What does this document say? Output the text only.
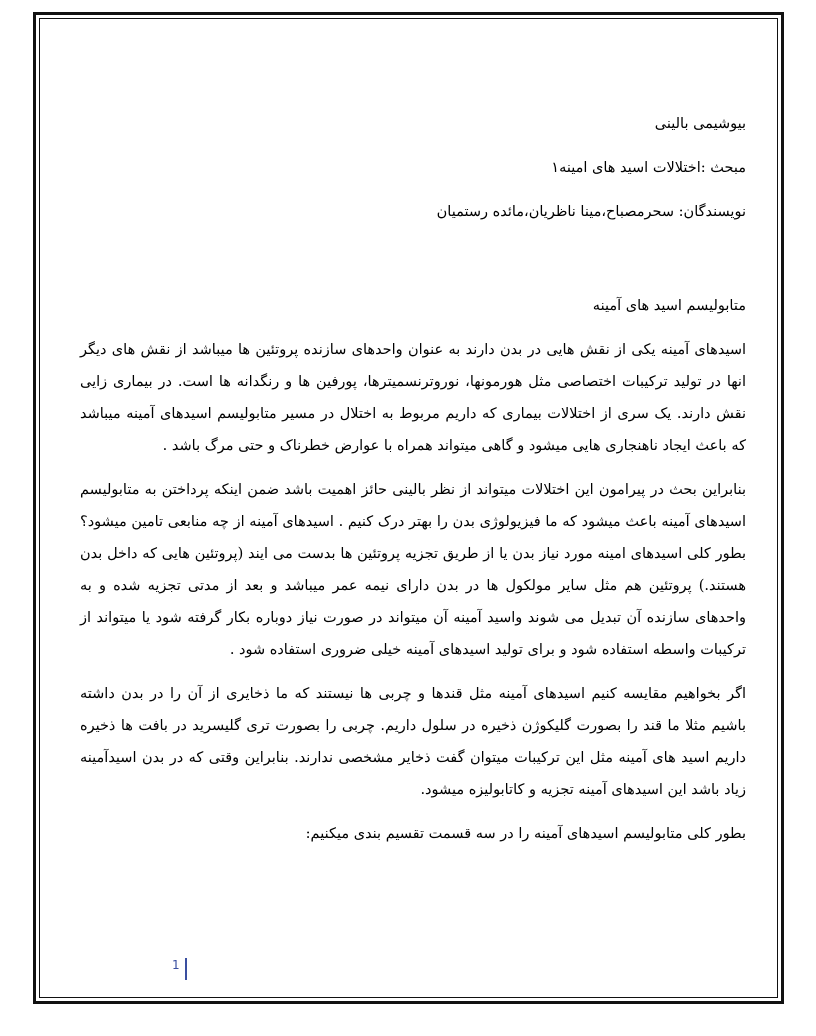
بیوشیمی بالینی
مبحث :اختلالات اسید های امینه۱
نویسندگان: سحرمصباح،مینا ناظریان،مائده رستمیان
متابولیسم اسید های آمینه
اسیدهای آمینه یکی از نقش هایی در بدن دارند به عنوان واحدهای سازنده پروتئین ها میباشد از نقش های دیگر انها در تولید ترکیبات اختصاصی مثل هورمونها، نوروترنسمیترها، پورفین ها و رنگدانه ها است. در بیماری زایی نقش دارند. یک سری از اختلالات بیماری که داریم مربوط به اختلال در مسیر متابولیسم اسیدهای آمینه میباشد که باعث ایجاد ناهنجاری هایی میشود و گاهی میتواند همراه با عوارض خطرناک و حتی مرگ باشد .
بنابراین بحث در پیرامون این اختلالات میتواند از نظر بالینی حائز اهمیت باشد ضمن اینکه پرداختن به متابولیسم اسیدهای آمینه باعث میشود که ما فیزیولوژی بدن را بهتر درک کنیم . اسیدهای آمینه از چه منابعی تامین میشود؟ بطور کلی اسیدهای امینه مورد نیاز بدن یا از طریق تجزیه پروتئین ها بدست می ایند (پروتئین هایی که داخل بدن هستند.) پروتئین هم مثل سایر مولکول ها در بدن دارای نیمه عمر میباشد و بعد از مدتی تجزیه شده و به واحدهای سازنده آن تبدیل می شوند واسید آمینه آن میتواند در صورت نیاز دوباره بکار گرفته شود یا میتواند از ترکیبات واسطه استفاده شود و برای تولید اسیدهای آمینه خیلی ضروری استفاده شود .
اگر بخواهیم مقایسه کنیم اسیدهای آمینه مثل قندها و چربی ها نیستند که ما ذخایری از آن را در بدن داشته باشیم مثلا ما قند را بصورت گلیکوژن ذخیره در سلول داریم. چربی را بصورت تری گلیسرید در بافت ها ذخیره داریم اسید های آمینه مثل این ترکیبات میتوان گفت ذخایر مشخصی ندارند. بنابراین وقتی که در بدن اسیدآمینه زیاد باشد این اسیدهای آمینه تجزیه و کاتابولیزه میشود.
بطور کلی متابولیسم اسیدهای آمینه را در سه قسمت تقسیم بندی میکنیم:
1
